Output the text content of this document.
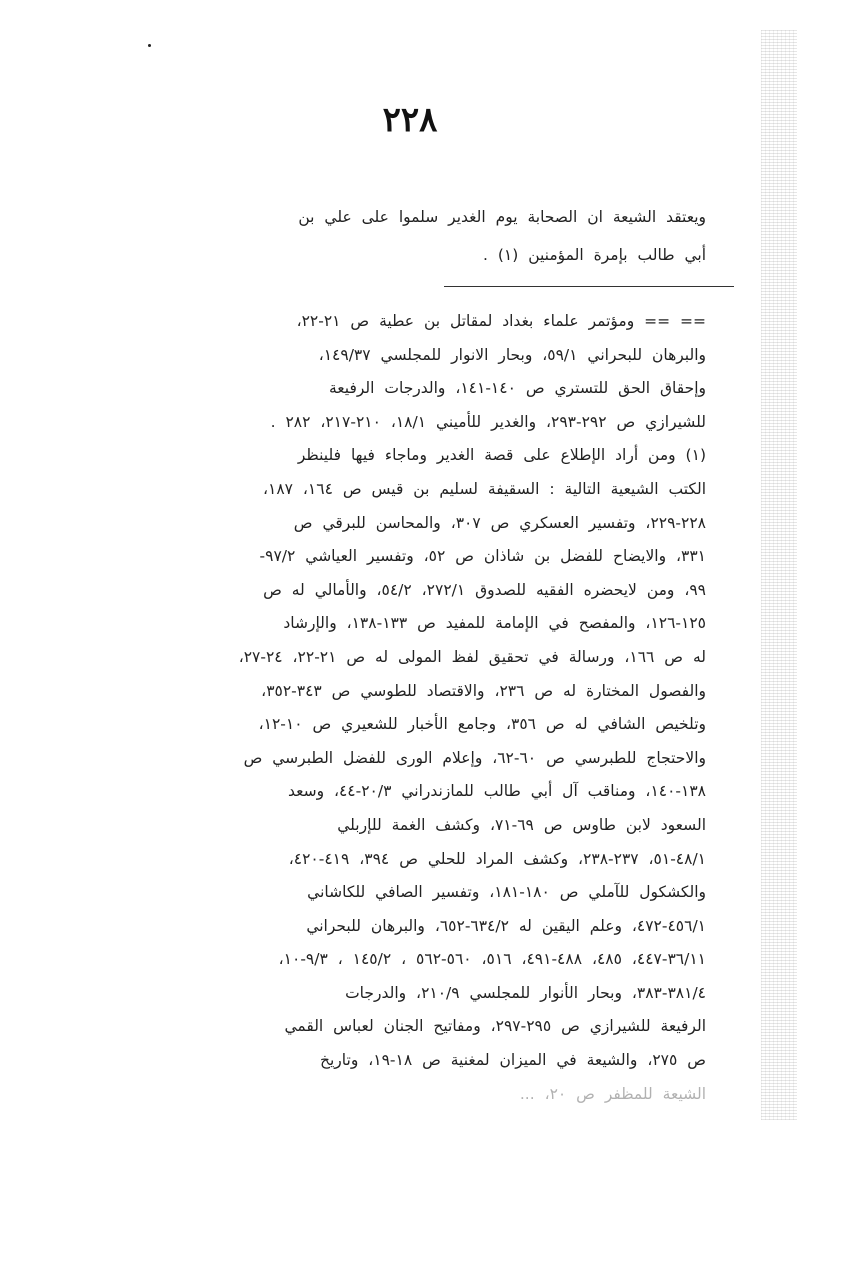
٢٢٨
ويعتقد الشيعة ان الصحابة يوم الغدير سلموا على علي بن
أبي طالب بإمرة المؤمنين (١) .
== == ومؤتمر علماء بغداد لمقاتل بن عطية ص ٢١-٢٢،
والبرهان للبحراني ٥٩/١، وبحار الانوار للمجلسي ١٤٩/٣٧،
وإحقاق الحق للتستري ص ١٤٠-١٤١، والدرجات الرفيعة
للشيرازي ص ٢٩٢-٢٩٣، والغدير للأميني ١٨/١، ٢١٠-٢١٧، ٢٨٢ .
(١) ومن أراد الإطلاع على قصة الغدير وماجاء فيها فلينظر
الكتب الشيعية التالية : السقيفة لسليم بن قيس ص ١٦٤، ١٨٧،
٢٢٨-٢٢٩، وتفسير العسكري ص ٣٠٧، والمحاسن للبرقي ص
٣٣١، والايضاح للفضل بن شاذان ص ٥٢، وتفسير العياشي ٩٧/٢-
٩٩، ومن لايحضره الفقيه للصدوق ٢٧٢/١، ٥٤/٢، والأمالي له ص
١٢٥-١٢٦، والمفصح في الإمامة للمفيد ص ١٣٣-١٣٨، والإرشاد
له ص ١٦٦، ورسالة في تحقيق لفظ المولى له ص ٢١-٢٢، ٢٤-٢٧،
والفصول المختارة له ص ٢٣٦، والاقتصاد للطوسي ص ٣٤٣-٣٥٢،
وتلخيص الشافي له ص ٣٥٦، وجامع الأخبار للشعيري ص ١٠-١٢،
والاحتجاج للطبرسي ص ٦٠-٦٢، وإعلام الورى للفضل الطبرسي ص
١٣٨-١٤٠، ومناقب آل أبي طالب للمازندراني ٢٠/٣-٤٤، وسعد
السعود لابن طاوس ص ٦٩-٧١، وكشف الغمة للإربلي
٤٨/١-٥١، ٢٣٧-٢٣٨، وكشف المراد للحلي ص ٣٩٤، ٤١٩-٤٢٠،
والكشكول للآملي ص ١٨٠-١٨١، وتفسير الصافي للكاشاني
٤٥٦/١-٤٧٢، وعلم اليقين له ٦٣٤/٢-٦٥٢، والبرهان للبحراني
٣٦/١١-٤٤٧، ٤٨٥، ٤٨٨-٤٩١، ٥١٦، ٥٦٠-٥٦٢ ، ١٤٥/٢ ، ٩/٣-١٠،
٣٨١/٤-٣٨٣، وبحار الأنوار للمجلسي ٢١٠/٩، والدرجات
الرفيعة للشيرازي ص ٢٩٥-٢٩٧، ومفاتيح الجنان لعباس القمي
ص ٢٧٥، والشيعة في الميزان لمغنية ص ١٨-١٩، وتاريخ
الشيعة للمظفر ص ٢٠، ...
